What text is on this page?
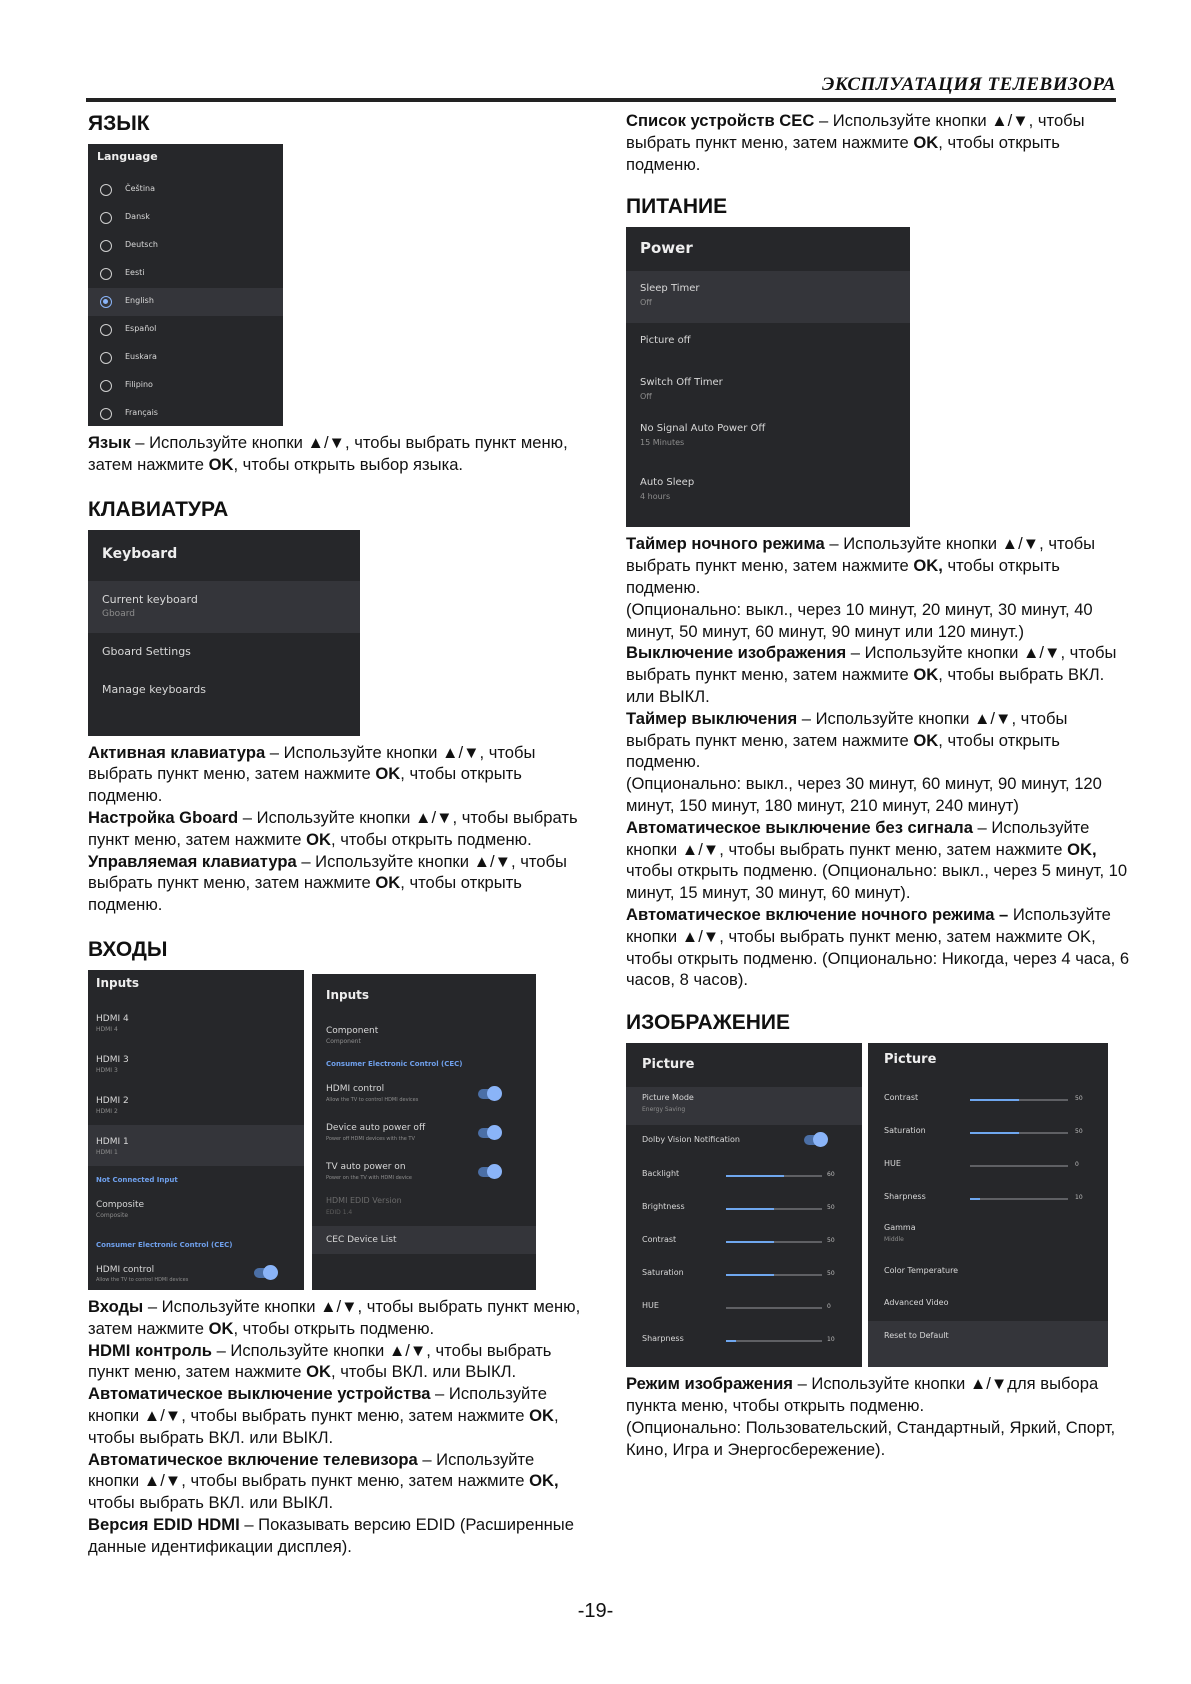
ЭКСПЛУАТАЦИЯ ТЕЛЕВИЗОРА
ЯЗЫК
Language
Čeština
Dansk
Deutsch
Eesti
English
Español
Euskara
Filipino
Français
Язык – Используйте кнопки ▲/▼, чтобы выбрать пункт меню, затем нажмите OK, чтобы открыть выбор языка.
КЛАВИАТУРА
Keyboard
Current keyboard
Gboard
Gboard Settings
Manage keyboards
Активная клавиатура – Используйте кнопки ▲/▼, чтобы выбрать пункт меню, затем нажмите OK, чтобы открыть подменю.
Настройка Gboard – Используйте кнопки ▲/▼, чтобы выбрать пункт меню, затем нажмите OK, чтобы открыть подменю.
Управляемая клавиатура – Используйте кнопки ▲/▼, чтобы выбрать пункт меню, затем нажмите OK, чтобы открыть подменю.
ВХОДЫ
Inputs
HDMI 4
HDMI 4
HDMI 3
HDMI 3
HDMI 2
HDMI 2
HDMI 1
HDMI 1
Not Connected Input
Composite
Composite
Consumer Electronic Control (CEC)
HDMI control
Allow the TV to control HDMI devices
Inputs
Component
Component
Consumer Electronic Control (CEC)
HDMI control
Allow the TV to control HDMI devices
Device auto power off
Power off HDMI devices with the TV
TV auto power on
Power on the TV with HDMI device
HDMI EDID Version
EDID 1.4
CEC Device List
Входы – Используйте кнопки ▲/▼, чтобы выбрать пункт меню, затем нажмите OK, чтобы открыть подменю.
HDMI контроль – Используйте кнопки ▲/▼, чтобы выбрать пункт меню, затем нажмите OK, чтобы ВКЛ. или ВЫКЛ.
Автоматическое выключение устройства – Используйте кнопки ▲/▼, чтобы выбрать пункт меню, затем нажмите OK, чтобы выбрать ВКЛ. или ВЫКЛ.
Автоматическое включение телевизора – Используйте кнопки ▲/▼, чтобы выбрать пункт меню, затем нажмите OK, чтобы выбрать ВКЛ. или ВЫКЛ.
Версия EDID HDMI – Показывать версию EDID (Расширенные данные идентификации дисплея).
Список устройств CEC – Используйте кнопки ▲/▼, чтобы выбрать пункт меню, затем нажмите OK, чтобы открыть подменю.
ПИТАНИЕ
Power
Sleep Timer
Off
Picture off
Switch Off Timer
Off
No Signal Auto Power Off
15 Minutes
Auto Sleep
4 hours
Таймер ночного режима – Используйте кнопки ▲/▼, чтобы выбрать пункт меню, затем нажмите OK, чтобы открыть подменю.
(Опционально: выкл., через 10 минут, 20 минут, 30 минут, 40 минут, 50 минут, 60 минут, 90 минут или 120 минут.)
Выключение изображения – Используйте кнопки ▲/▼, чтобы выбрать пункт меню, затем нажмите OK, чтобы выбрать ВКЛ. или ВЫКЛ.
Таймер выключения – Используйте кнопки ▲/▼, чтобы выбрать пункт меню, затем нажмите OK, чтобы открыть подменю.
(Опционально: выкл., через 30 минут, 60 минут, 90 минут, 120 минут, 150 минут, 180 минут, 210 минут, 240 минут)
Автоматическое выключение без сигнала – Используйте кнопки ▲/▼, чтобы выбрать пункт меню, затем нажмите OK, чтобы открыть подменю. (Опционально: выкл., через 5 минут, 10 минут, 15 минут, 30 минут, 60 минут).
Автоматическое включение ночного режима – Используйте кнопки ▲/▼, чтобы выбрать пункт меню, затем нажмите OK, чтобы открыть подменю. (Опционально: Никогда, через 4 часа, 6 часов, 8 часов).
ИЗОБРАЖЕНИЕ
Picture
Picture Mode
Energy Saving
Dolby Vision Notification
Backlight	60
Brightness	50
Contrast	50
Saturation	50
HUE	0
Sharpness	10
Picture
Contrast	50
Saturation	50
HUE	0
Sharpness	10
Gamma
Middle
Color Temperature
Advanced Video
Reset to Default
Режим изображения – Используйте кнопки ▲/▼для выбора пункта меню, чтобы открыть подменю.
(Опционально: Пользовательский, Стандартный, Яркий, Спорт, Кино, Игра и Энергосбережение).
-19-
